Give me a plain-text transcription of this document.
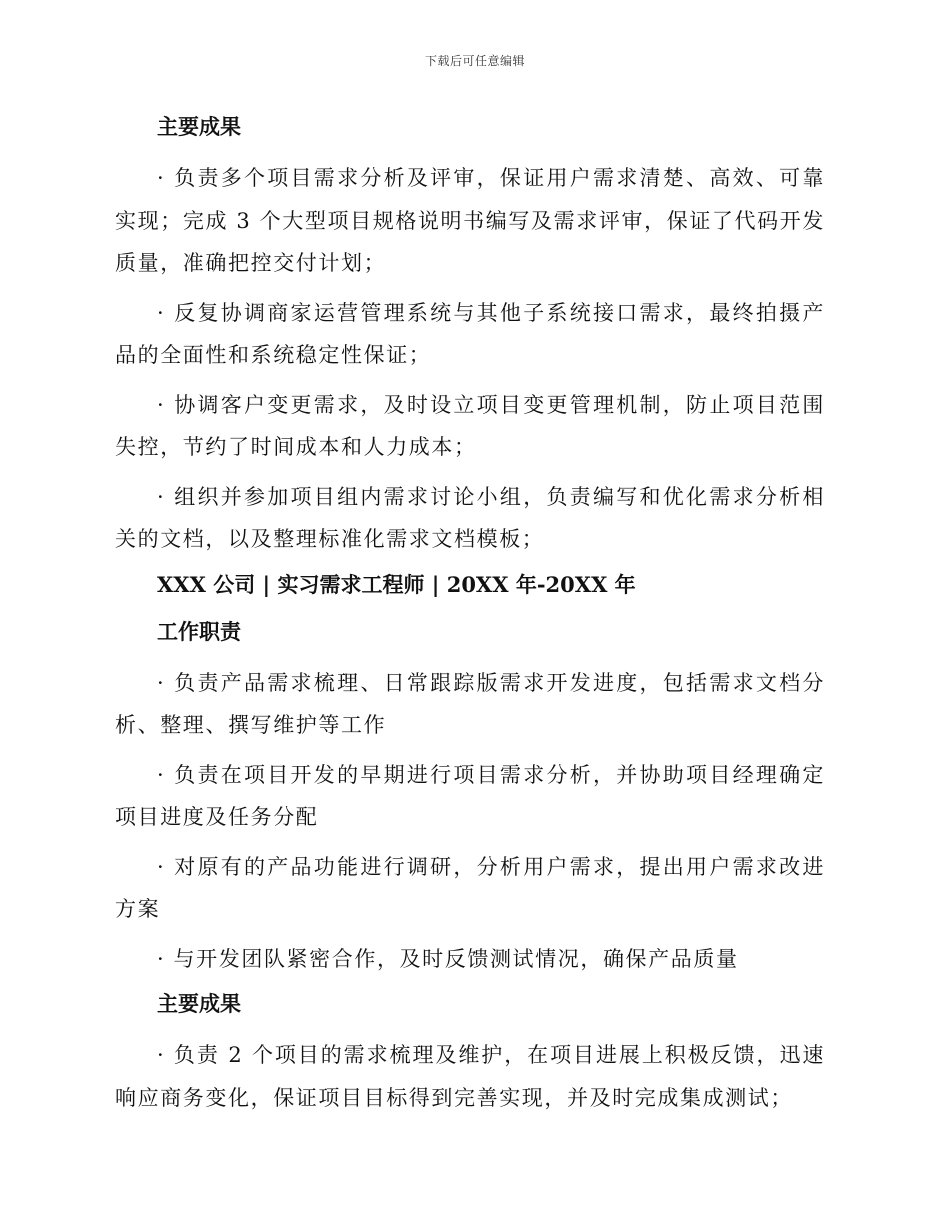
下载后可任意编辑
主要成果
· 负责多个项目需求分析及评审，保证用户需求清楚、高效、可靠实现；完成 3 个大型项目规格说明书编写及需求评审，保证了代码开发质量，准确把控交付计划；
· 反复协调商家运营管理系统与其他子系统接口需求，最终拍摄产品的全面性和系统稳定性保证；
· 协调客户变更需求，及时设立项目变更管理机制，防止项目范围失控，节约了时间成本和人力成本；
· 组织并参加项目组内需求讨论小组，负责编写和优化需求分析相关的文档，以及整理标准化需求文档模板；
XXX 公司 | 实习需求工程师 | 20XX 年-20XX 年
工作职责
· 负责产品需求梳理、日常跟踪版需求开发进度，包括需求文档分析、整理、撰写维护等工作
· 负责在项目开发的早期进行项目需求分析，并协助项目经理确定项目进度及任务分配
· 对原有的产品功能进行调研，分析用户需求，提出用户需求改进方案
· 与开发团队紧密合作，及时反馈测试情况，确保产品质量
主要成果
· 负责 2 个项目的需求梳理及维护，在项目进展上积极反馈，迅速响应商务变化，保证项目目标得到完善实现，并及时完成集成测试；
